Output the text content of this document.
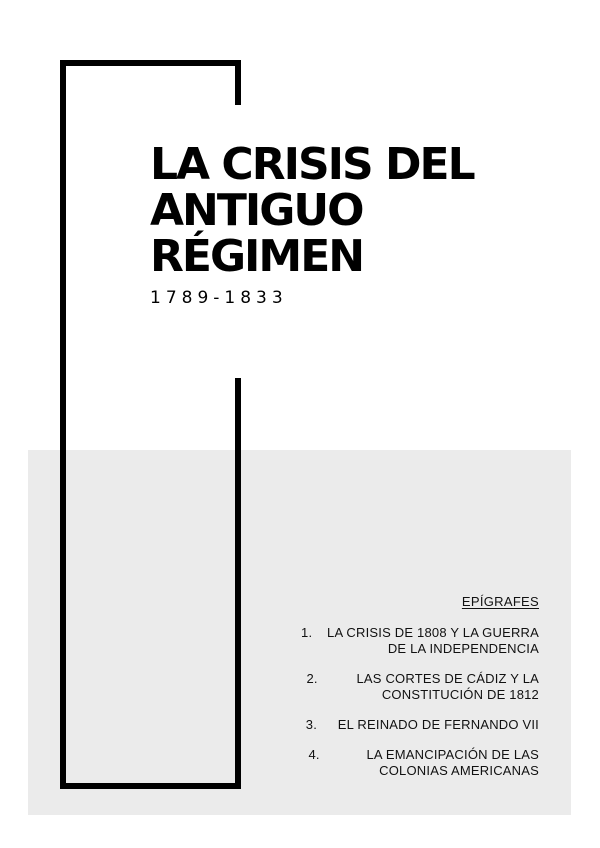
LA CRISIS DEL
ANTIGUO
RÉGIMEN
1789-1833
EPÍGRAFES
1.	LA CRISIS DE 1808 Y LA GUERRA
DE LA INDEPENDENCIA
2.	LAS CORTES DE CÁDIZ Y LA
CONSTITUCIÓN DE 1812
3.	EL REINADO DE FERNANDO VII
4.	LA EMANCIPACIÓN DE LAS
COLONIAS AMERICANAS
